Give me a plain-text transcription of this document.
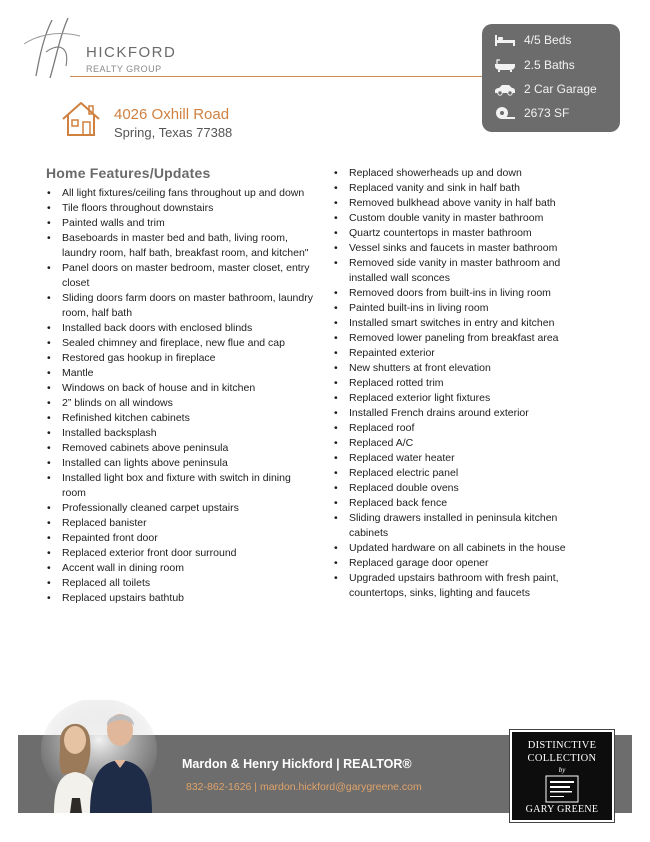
HICKFORD
REALTY GROUP
4/5 Beds
2.5 Baths
2 Car Garage
2673 SF
4026 Oxhill Road
Spring, Texas 77388
Home Features/Updates
• All light fixtures/ceiling fans throughout up and down
• Tile floors throughout downstairs
• Painted walls and trim
• Baseboards in master bed and bath, living room, laundry room, half bath, breakfast room, and kitchen"
• Panel doors on master bedroom, master closet, entry closet
• Sliding doors farm doors on master bathroom, laundry room, half bath
• Installed back doors with enclosed blinds
• Sealed chimney and fireplace, new flue and cap
• Restored gas hookup in fireplace
• Mantle
• Windows on back of house and in kitchen
• 2” blinds on all windows
• Refinished kitchen cabinets
• Installed backsplash
• Removed cabinets above peninsula
• Installed can lights above peninsula
• Installed light box and fixture with switch in dining room
• Professionally cleaned carpet upstairs
• Replaced banister
• Repainted front door
• Replaced exterior front door surround
• Accent wall in dining room
• Replaced all toilets
• Replaced upstairs bathtub
• Replaced showerheads up and down
• Replaced vanity and sink in half bath
• Removed bulkhead above vanity in half bath
• Custom double vanity in master bathroom
• Quartz countertops in master bathroom
• Vessel sinks and faucets in master bathroom
• Removed side vanity in master bathroom and installed wall sconces
• Removed doors from built-ins in living room
• Painted built-ins in living room
• Installed smart switches in entry and kitchen
• Removed lower paneling from breakfast area
• Repainted exterior
• New shutters at front elevation
• Replaced rotted trim
• Replaced exterior light fixtures
• Installed French drains around exterior
• Replaced roof
• Replaced A/C
• Replaced water heater
• Replaced electric panel
• Replaced double ovens
• Replaced back fence
• Sliding drawers installed in peninsula kitchen cabinets
• Updated hardware on all cabinets in the house
• Replaced garage door opener
• Upgraded upstairs bathroom with fresh paint, countertops, sinks, lighting and faucets
Mardon & Henry Hickford | REALTOR®
832-862-1626 | mardon.hickford@garygreene.com
DISTINCTIVE
COLLECTION
by
GARY GREENE
